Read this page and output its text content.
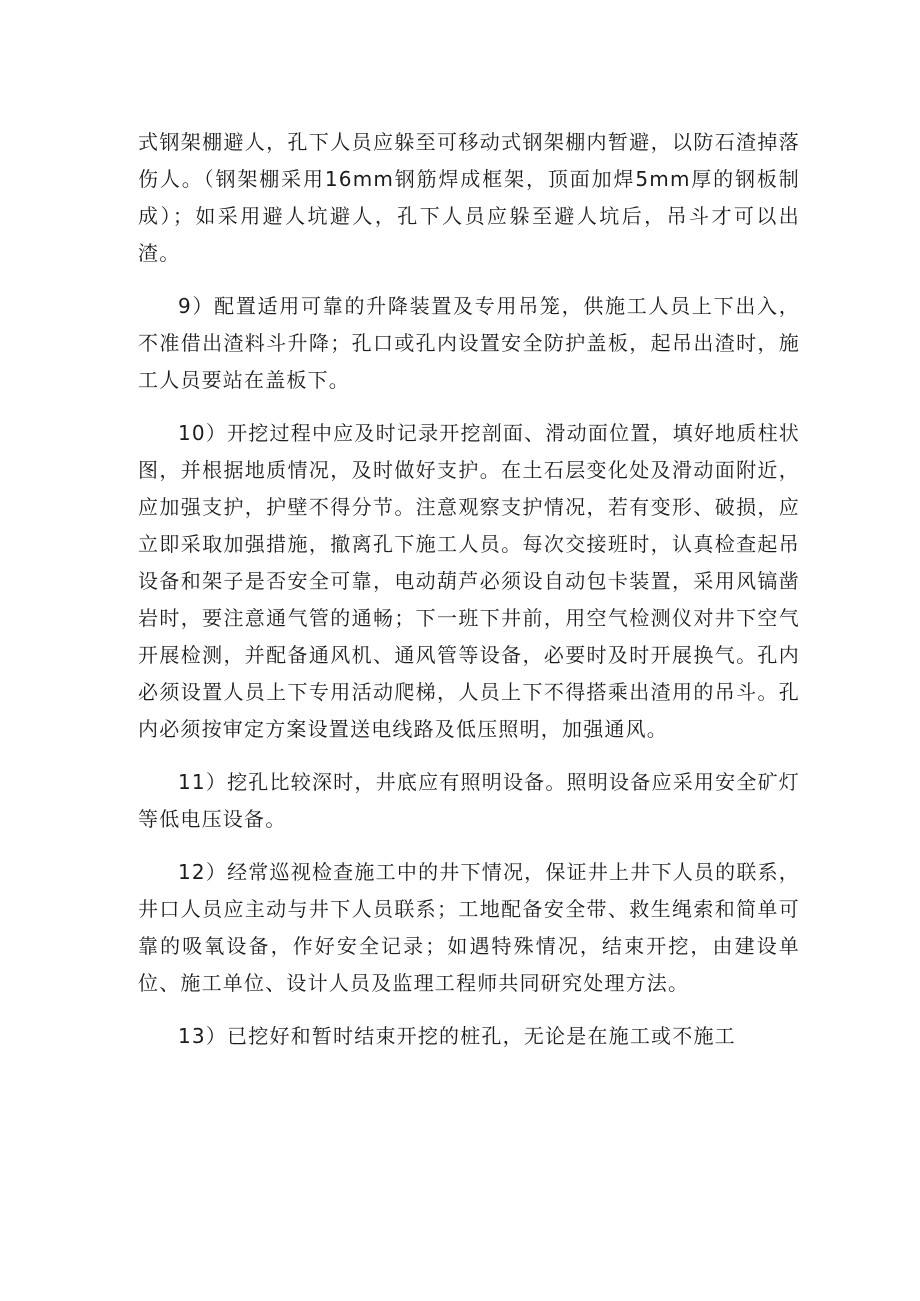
式钢架棚避人，孔下人员应躲至可移动式钢架棚内暂避，以防石渣掉落伤人。（钢架棚采用16mm钢筋焊成框架，顶面加焊5mm厚的钢板制成）；如采用避人坑避人，孔下人员应躲至避人坑后，吊斗才可以出渣。

9）配置适用可靠的升降装置及专用吊笼，供施工人员上下出入，不准借出渣料斗升降；孔口或孔内设置安全防护盖板，起吊出渣时，施工人员要站在盖板下。

10）开挖过程中应及时记录开挖剖面、滑动面位置，填好地质柱状图，并根据地质情况，及时做好支护。在土石层变化处及滑动面附近，应加强支护，护壁不得分节。注意观察支护情况，若有变形、破损，应立即采取加强措施，撤离孔下施工人员。每次交接班时，认真检查起吊设备和架子是否安全可靠，电动葫芦必须设自动包卡装置，采用风镐凿岩时，要注意通气管的通畅；下一班下井前，用空气检测仪对井下空气开展检测，并配备通风机、通风管等设备，必要时及时开展换气。孔内必须设置人员上下专用活动爬梯，人员上下不得搭乘出渣用的吊斗。孔内必须按审定方案设置送电线路及低压照明，加强通风。

11）挖孔比较深时，井底应有照明设备。照明设备应采用安全矿灯等低电压设备。

12）经常巡视检查施工中的井下情况，保证井上井下人员的联系，井口人员应主动与井下人员联系；工地配备安全带、救生绳索和简单可靠的吸氧设备，作好安全记录；如遇特殊情况，结束开挖，由建设单位、施工单位、设计人员及监理工程师共同研究处理方法。

13）已挖好和暂时结束开挖的桩孔，无论是在施工或不施工
